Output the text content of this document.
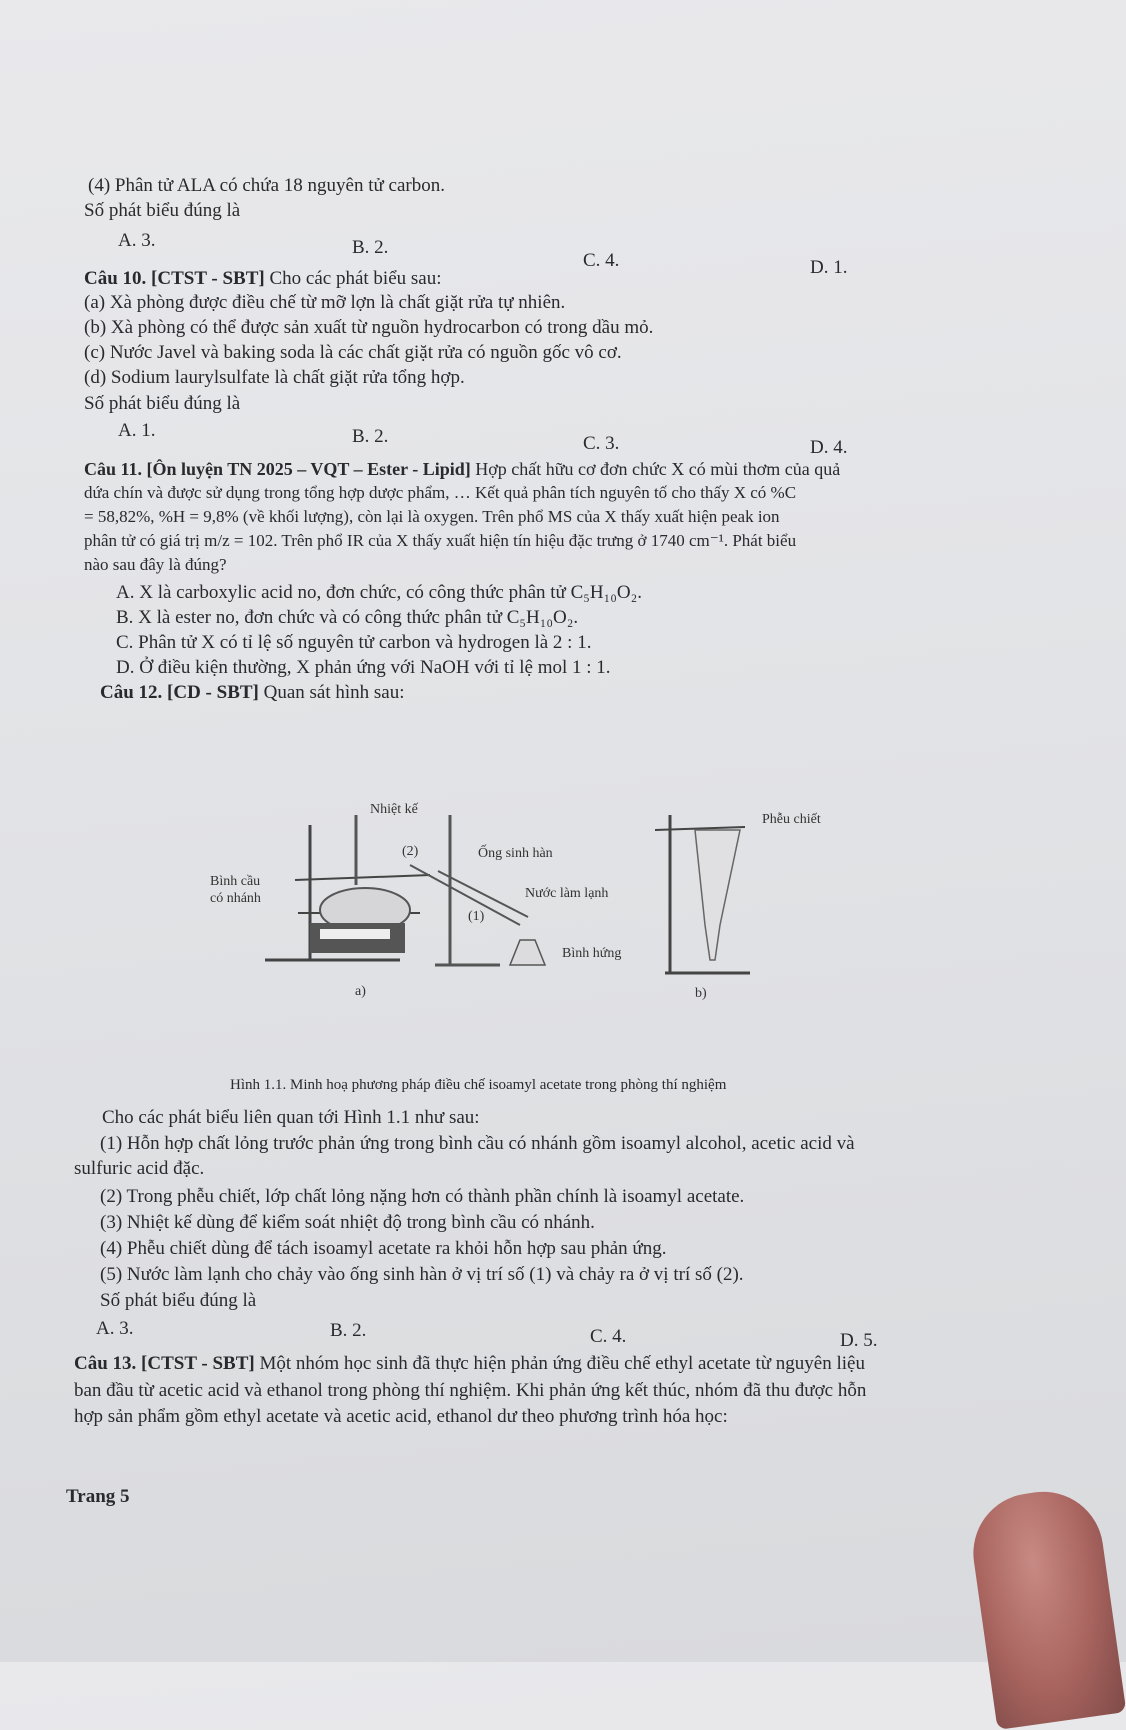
(4) Phân tử ALA có chứa 18 nguyên tử carbon.
Số phát biểu đúng là
A. 3.	B. 2.
C. 4.	D. 1.
Câu 10. [CTST - SBT] Cho các phát biểu sau:
(a) Xà phòng được điều chế từ mỡ lợn là chất giặt rửa tự nhiên.
(b) Xà phòng có thể được sản xuất từ nguồn hydrocarbon có trong dầu mỏ.
(c) Nước Javel và baking soda là các chất giặt rửa có nguồn gốc vô cơ.
(d) Sodium laurylsulfate là chất giặt rửa tổng hợp.
Số phát biểu đúng là
A. 1.	B. 2.	C. 3.	D. 4.
Câu 11. [Ôn luyện TN 2025 – VQT – Ester - Lipid] Hợp chất hữu cơ đơn chức X có mùi thơm của quả
dứa chín và được sử dụng trong tổng hợp dược phẩm, … Kết quả phân tích nguyên tố cho thấy X có %C
= 58,82%, %H = 9,8% (về khối lượng), còn lại là oxygen. Trên phổ MS của X thấy xuất hiện peak ion
phân tử có giá trị m/z = 102. Trên phổ IR của X thấy xuất hiện tín hiệu đặc trưng ở 1740 cm⁻¹. Phát biểu
nào sau đây là đúng?
A. X là carboxylic acid no, đơn chức, có công thức phân tử C₅H₁₀O₂.
B. X là ester no, đơn chức và có công thức phân tử C₅H₁₀O₂.
C. Phân tử X có tỉ lệ số nguyên tử carbon và hydrogen là 2 : 1.
D. Ở điều kiện thường, X phản ứng với NaOH với tỉ lệ mol 1 : 1.
Câu 12. [CD - SBT] Quan sát hình sau:
Nhiệt kế
(2)	Ống sinh hàn
Bình cầu
có nhánh	Nước làm lạnh
(1)
Bình hứng
a)
Phễu chiết
b)
Hình 1.1. Minh hoạ phương pháp điều chế isoamyl acetate trong phòng thí nghiệm
Cho các phát biểu liên quan tới Hình 1.1 như sau:
(1) Hỗn hợp chất lỏng trước phản ứng trong bình cầu có nhánh gồm isoamyl alcohol, acetic acid và
sulfuric acid đặc.
(2) Trong phễu chiết, lớp chất lỏng nặng hơn có thành phần chính là isoamyl acetate.
(3) Nhiệt kế dùng để kiểm soát nhiệt độ trong bình cầu có nhánh.
(4) Phễu chiết dùng để tách isoamyl acetate ra khỏi hỗn hợp sau phản ứng.
(5) Nước làm lạnh cho chảy vào ống sinh hàn ở vị trí số (1) và chảy ra ở vị trí số (2).
Số phát biểu đúng là
A. 3.	B. 2.	C. 4.	D. 5.
Câu 13. [CTST - SBT] Một nhóm học sinh đã thực hiện phản ứng điều chế ethyl acetate từ nguyên liệu
ban đầu từ acetic acid và ethanol trong phòng thí nghiệm. Khi phản ứng kết thúc, nhóm đã thu được hỗn
hợp sản phẩm gồm ethyl acetate và acetic acid, ethanol dư theo phương trình hóa học:
Trang 5
